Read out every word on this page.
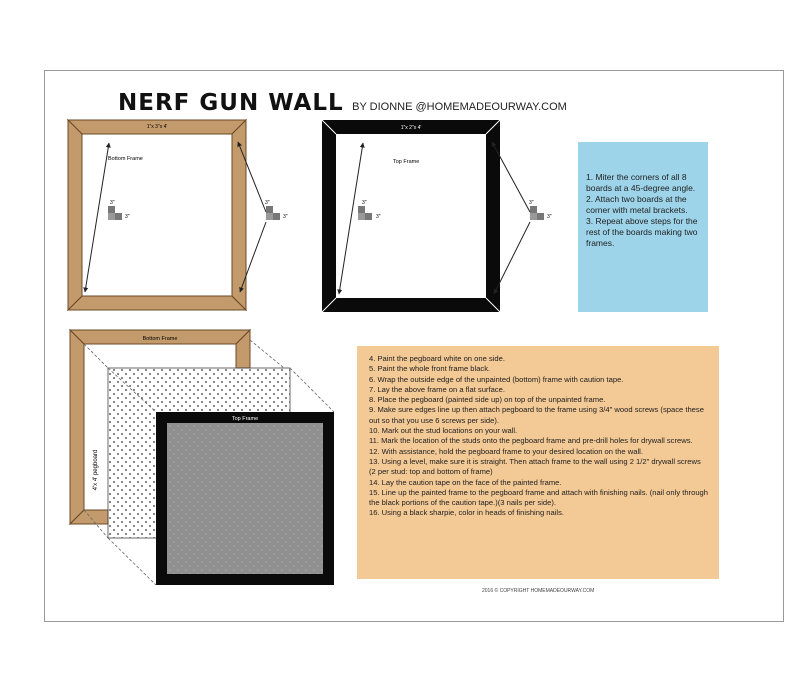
NERF GUN WALL BY DIONNE @HOMEMADEOURWAY.COM
1"x 3"x 4'
Bottom Frame
3"
3"
3"
3"
1"x 2"x 4'
Top Frame
3"
3"
3"
3"
Bottom Frame
Top Frame
4'x 4' pegboard
1. Miter the corners of all 8 boards at a 45-degree angle.
2. Attach two boards at the corner with metal brackets.
3. Repeat above steps for the rest of the boards making two frames.
4. Paint the pegboard white on one side.
5. Paint the whole front frame black.
6. Wrap the outside edge of the unpainted (bottom) frame with caution tape.
7. Lay the above frame on a flat surface.
8. Place the pegboard (painted side up) on top of the unpainted frame.
9. Make sure edges line up then attach pegboard to the frame using 3/4" wood screws (space these out so that you use 6 screws per side).
10. Mark out the stud locations on your wall.
11. Mark the location of the studs onto the pegboard frame and pre-drill holes for drywall screws.
12. With assistance, hold the pegboard frame to your desired location on the wall.
13. Using a level, make sure it is straight. Then attach frame to the wall using 2 1/2" drywall screws (2 per stud: top and bottom of frame)
14. Lay the caution tape on the face of the painted frame.
15. Line up the painted frame to the pegboard frame and attach with finishing nails. (nail only through the black portions of the caution tape.)(3 nails per side).
16. Using a black sharpie, color in heads of finishing nails.
2016 © COPYRIGHT HOMEMADEOURWAY.COM
